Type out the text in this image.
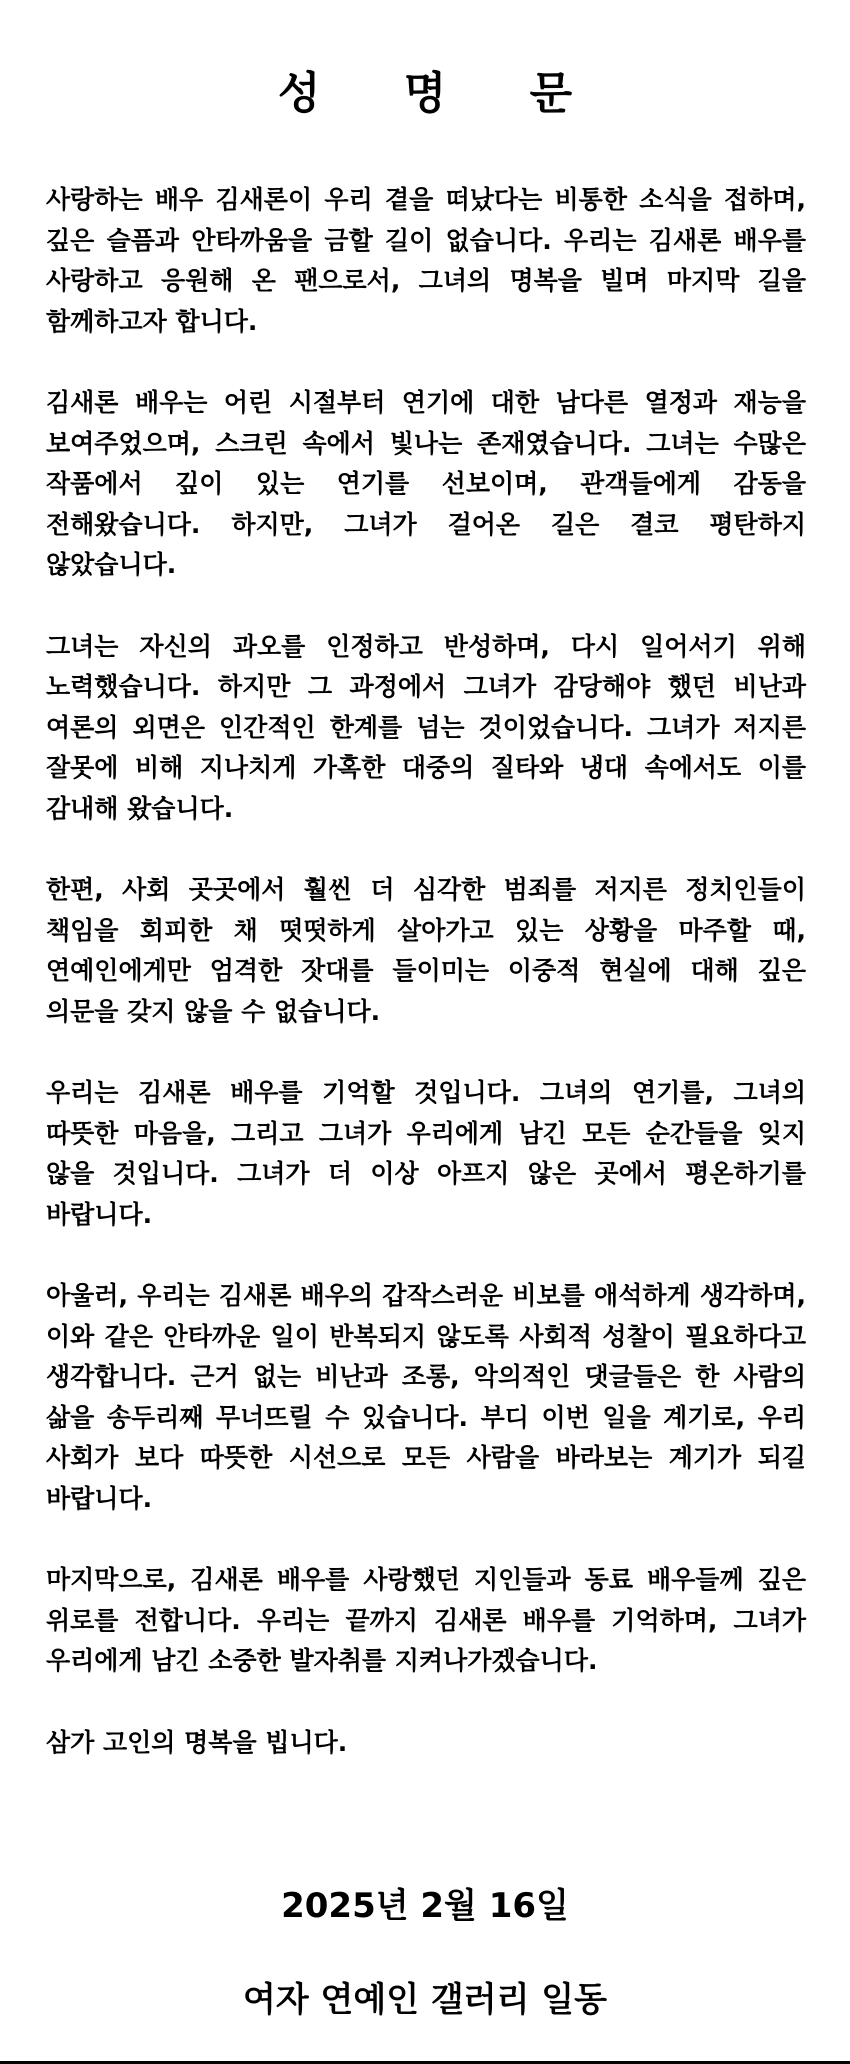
성 명 문

사랑하는 배우 김새론이 우리 곁을 떠났다는 비통한 소식을 접하며, 깊은 슬픔과 안타까움을 금할 길이 없습니다. 우리는 김새론 배우를 사랑하고 응원해 온 팬으로서, 그녀의 명복을 빌며 마지막 길을 함께하고자 합니다.

김새론 배우는 어린 시절부터 연기에 대한 남다른 열정과 재능을 보여주었으며, 스크린 속에서 빛나는 존재였습니다. 그녀는 수많은 작품에서 깊이 있는 연기를 선보이며, 관객들에게 감동을 전해왔습니다. 하지만, 그녀가 걸어온 길은 결코 평탄하지 않았습니다.

그녀는 자신의 과오를 인정하고 반성하며, 다시 일어서기 위해 노력했습니다. 하지만 그 과정에서 그녀가 감당해야 했던 비난과 여론의 외면은 인간적인 한계를 넘는 것이었습니다. 그녀가 저지른 잘못에 비해 지나치게 가혹한 대중의 질타와 냉대 속에서도 이를 감내해 왔습니다.

한편, 사회 곳곳에서 훨씬 더 심각한 범죄를 저지른 정치인들이 책임을 회피한 채 떳떳하게 살아가고 있는 상황을 마주할 때, 연예인에게만 엄격한 잣대를 들이미는 이중적 현실에 대해 깊은 의문을 갖지 않을 수 없습니다.

우리는 김새론 배우를 기억할 것입니다. 그녀의 연기를, 그녀의 따뜻한 마음을, 그리고 그녀가 우리에게 남긴 모든 순간들을 잊지 않을 것입니다. 그녀가 더 이상 아프지 않은 곳에서 평온하기를 바랍니다.

아울러, 우리는 김새론 배우의 갑작스러운 비보를 애석하게 생각하며, 이와 같은 안타까운 일이 반복되지 않도록 사회적 성찰이 필요하다고 생각합니다. 근거 없는 비난과 조롱, 악의적인 댓글들은 한 사람의 삶을 송두리째 무너뜨릴 수 있습니다. 부디 이번 일을 계기로, 우리 사회가 보다 따뜻한 시선으로 모든 사람을 바라보는 계기가 되길 바랍니다.

마지막으로, 김새론 배우를 사랑했던 지인들과 동료 배우들께 깊은 위로를 전합니다. 우리는 끝까지 김새론 배우를 기억하며, 그녀가 우리에게 남긴 소중한 발자취를 지켜나가겠습니다.

삼가 고인의 명복을 빕니다.

2025년 2월 16일
여자 연예인 갤러리 일동
